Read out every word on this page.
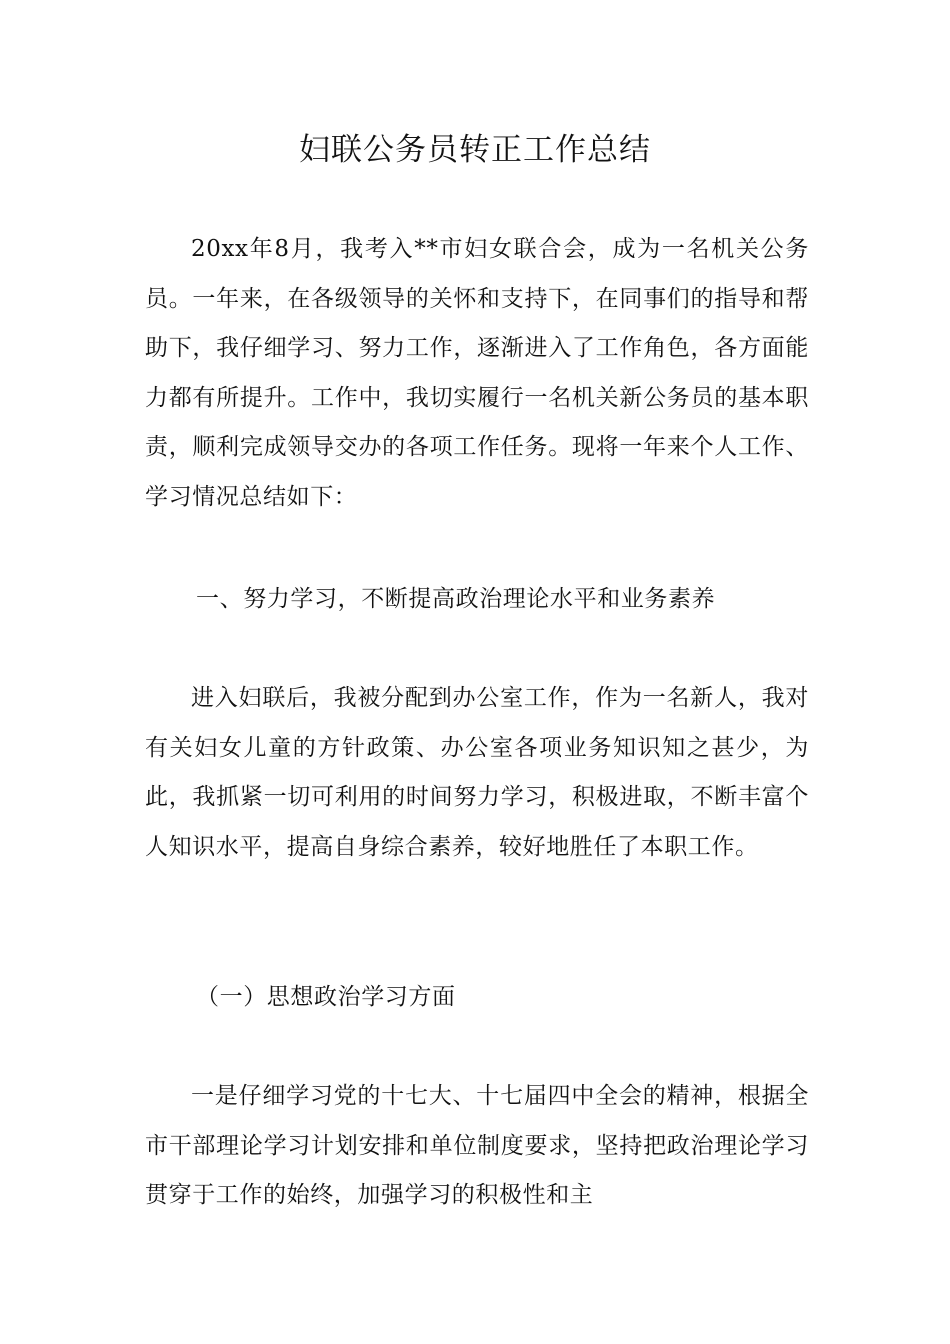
妇联公务员转正工作总结

20xx年8月，我考入**市妇女联合会，成为一名机关公务员。一年来，在各级领导的关怀和支持下，在同事们的指导和帮助下，我仔细学习、努力工作，逐渐进入了工作角色，各方面能力都有所提升。工作中，我切实履行一名机关新公务员的基本职责，顺利完成领导交办的各项工作任务。现将一年来个人工作、学习情况总结如下：

一、努力学习，不断提高政治理论水平和业务素养

进入妇联后，我被分配到办公室工作，作为一名新人，我对有关妇女儿童的方针政策、办公室各项业务知识知之甚少，为此，我抓紧一切可利用的时间努力学习，积极进取，不断丰富个人知识水平，提高自身综合素养，较好地胜任了本职工作。

（一）思想政治学习方面

一是仔细学习党的十七大、十七届四中全会的精神，根据全市干部理论学习计划安排和单位制度要求，坚持把政治理论学习贯穿于工作的始终，加强学习的积极性和主
